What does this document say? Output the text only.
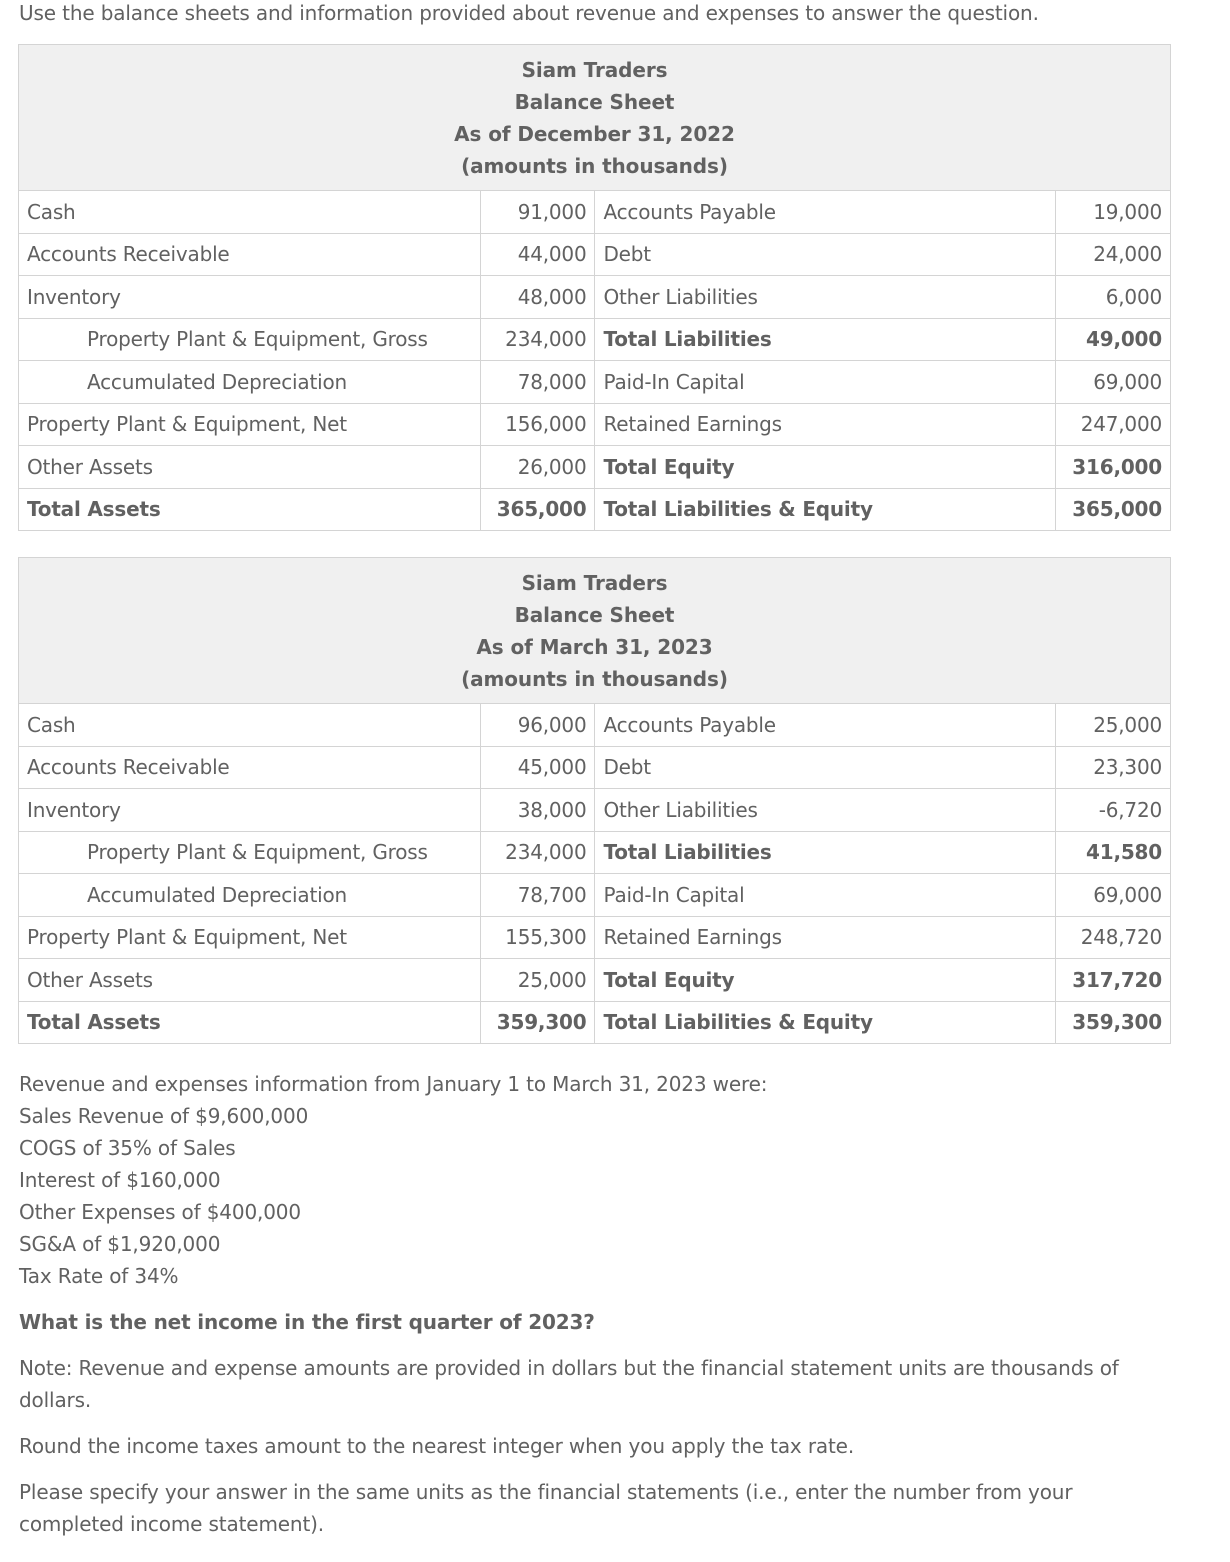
Use the balance sheets and information provided about revenue and expenses to answer the question.
Siam Traders
Balance Sheet
As of December 31, 2022
(amounts in thousands)			

Cash	91,000	Accounts Payable	19,000
Accounts Receivable	44,000	Debt	24,000
Inventory	48,000	Other Liabilities	6,000
Property Plant & Equipment, Gross	234,000	Total Liabilities	49,000
Accumulated Depreciation	78,000	Paid-In Capital	69,000
Property Plant & Equipment, Net	156,000	Retained Earnings	247,000
Other Assets	26,000	Total Equity	316,000
Total Assets	365,000	Total Liabilities & Equity	365,000
Siam Traders
Balance Sheet
As of March 31, 2023
(amounts in thousands)			

Cash	96,000	Accounts Payable	25,000
Accounts Receivable	45,000	Debt	23,300
Inventory	38,000	Other Liabilities	-6,720
Property Plant & Equipment, Gross	234,000	Total Liabilities	41,580
Accumulated Depreciation	78,700	Paid-In Capital	69,000
Property Plant & Equipment, Net	155,300	Retained Earnings	248,720
Other Assets	25,000	Total Equity	317,720
Total Assets	359,300	Total Liabilities & Equity	359,300
Revenue and expenses information from January 1 to March 31, 2023 were:
Sales Revenue of $9,600,000
COGS of 35% of Sales
Interest of $160,000
Other Expenses of $400,000
SG&A of $1,920,000
Tax Rate of 34%
What is the net income in the first quarter of 2023?

Note: Revenue and expense amounts are provided in dollars but the financial statement units are thousands of dollars.

Round the income taxes amount to the nearest integer when you apply the tax rate.

Please specify your answer in the same units as the financial statements (i.e., enter the number from your completed income statement).
